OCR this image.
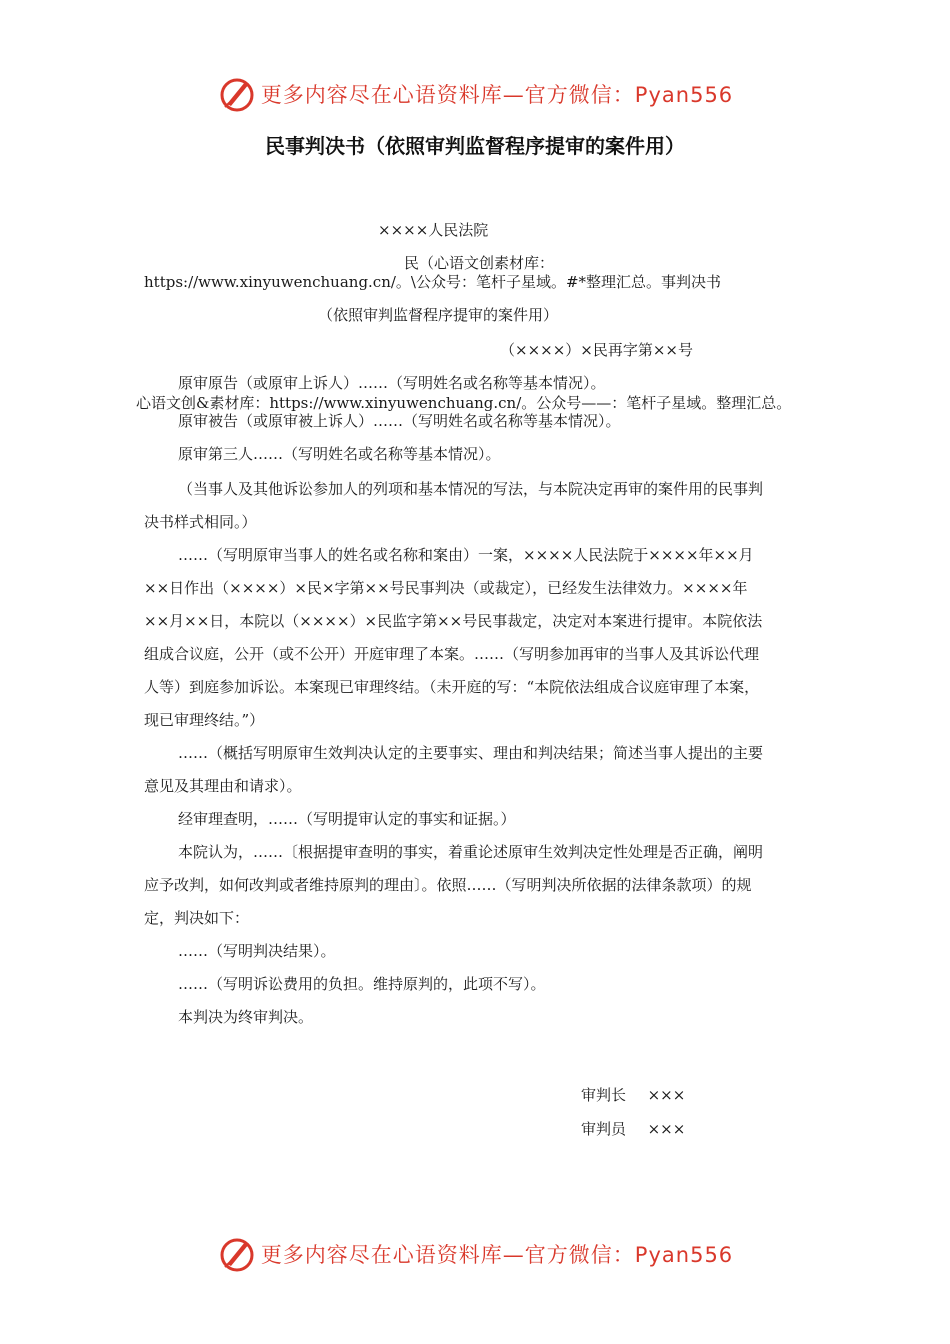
更多内容尽在心语资料库—官方微信：Pyan556
民事判决书（依照审判监督程序提审的案件用）
××××人民法院
民（心语文创素材库：
https://www.xinyuwenchuang.cn/。\公众号：笔杆子星域。#*整理汇总。事判决书
（依照审判监督程序提审的案件用）
（××××）×民再字第××号
原审原告（或原审上诉人）……（写明姓名或名称等基本情况）。
心语文创&素材库：https://www.xinyuwenchuang.cn/。公众号——：笔杆子星域。整理汇总。
原审被告（或原审被上诉人）……（写明姓名或名称等基本情况）。
原审第三人……（写明姓名或名称等基本情况）。

（当事人及其他诉讼参加人的列项和基本情况的写法，与本院决定再审的案件用的民事判决书样式相同。）

……（写明原审当事人的姓名或名称和案由）一案，××××人民法院于××××年××月××日作出（××××）×民×字第××号民事判决（或裁定），已经发生法律效力。××××年××月××日，本院以（××××）×民监字第××号民事裁定，决定对本案进行提审。本院依法组成合议庭，公开（或不公开）开庭审理了本案。……（写明参加再审的当事人及其诉讼代理人等）到庭参加诉讼。本案现已审理终结。（未开庭的写：“本院依法组成合议庭审理了本案，现已审理终结。”）

……（概括写明原审生效判决认定的主要事实、理由和判决结果；简述当事人提出的主要意见及其理由和请求）。

经审理查明，……（写明提审认定的事实和证据。）

本院认为，……〔根据提审查明的事实，着重论述原审生效判决定性处理是否正确，阐明应予改判，如何改判或者维持原判的理由〕。依照……（写明判决所依据的法律条款项）的规定，判决如下：

……（写明判决结果）。

……（写明诉讼费用的负担。维持原判的，此项不写）。

本判决为终审判决。

审判长 ×××
审判员 ×××
更多内容尽在心语资料库—官方微信：Pyan556
